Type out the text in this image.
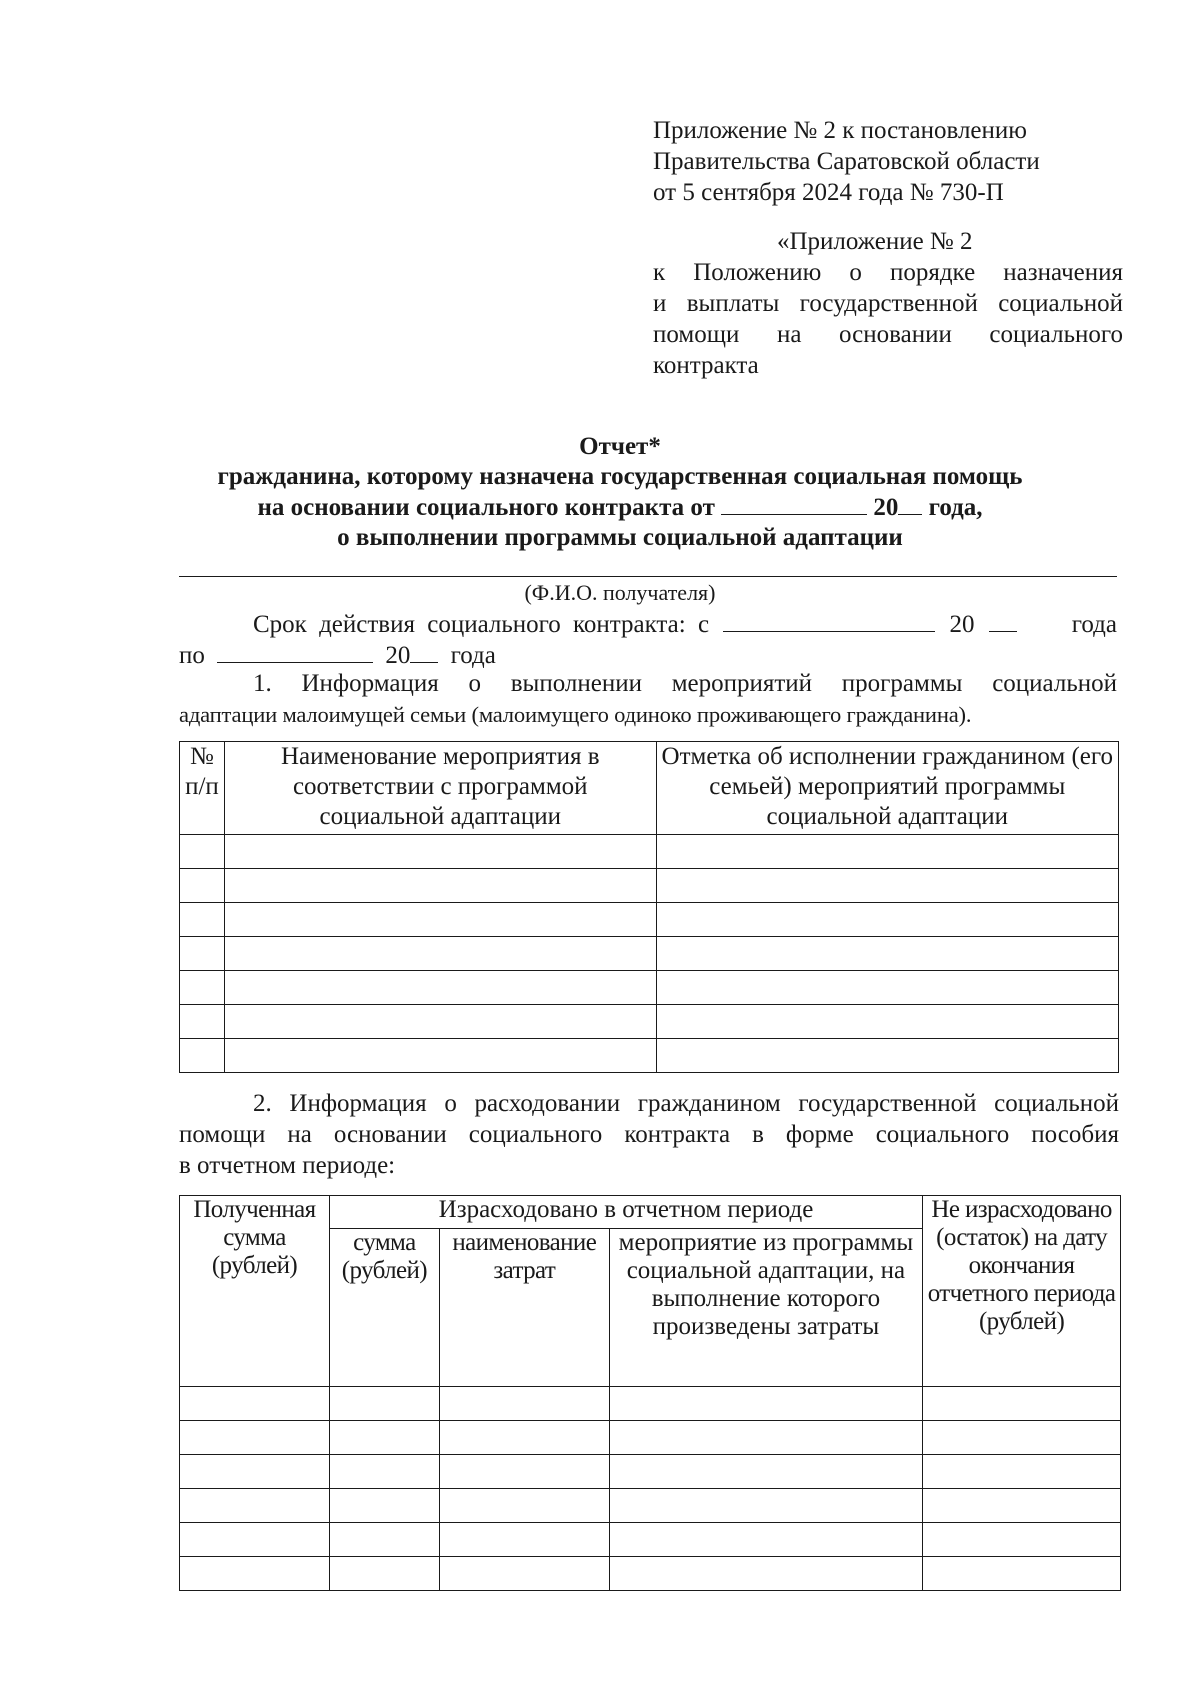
Приложение № 2 к постановлению
Правительства Саратовской области
от 5 сентября 2024 года № 730-П
«Приложение № 2
к Положению о порядке назначения
и выплаты государственной социальной
помощи на основании социального
контракта
Отчет*
гражданина, которому назначена государственная социальная помощь
на основании социального контракта от	20 года,
о выполнении программы социальной адаптации
(Ф.И.О. получателя)
Срок действия социального контракта: с	20	года
по	20 года
1. Информация о выполнении мероприятий программы социальной
адаптации малоимущей семьи (малоимущего одиноко проживающего гражданина).
№ п/п	Наименование мероприятия в соответствии с программой социальной адаптации	Отметка об исполнении гражданином (его семьей) мероприятий программы социальной адаптации

2. Информация о расходовании гражданином государственной социальной
помощи на основании социального контракта в форме социального пособия
в отчетном периоде:
Полученная сумма (рублей)	Израсходовано в отчетном периоде			Не израсходовано (остаток) на дату окончания отчетного периода (рублей)
	сумма (рублей)	наименование затрат	мероприятие из программы социальной адаптации, на выполнение которого произведены затраты	
